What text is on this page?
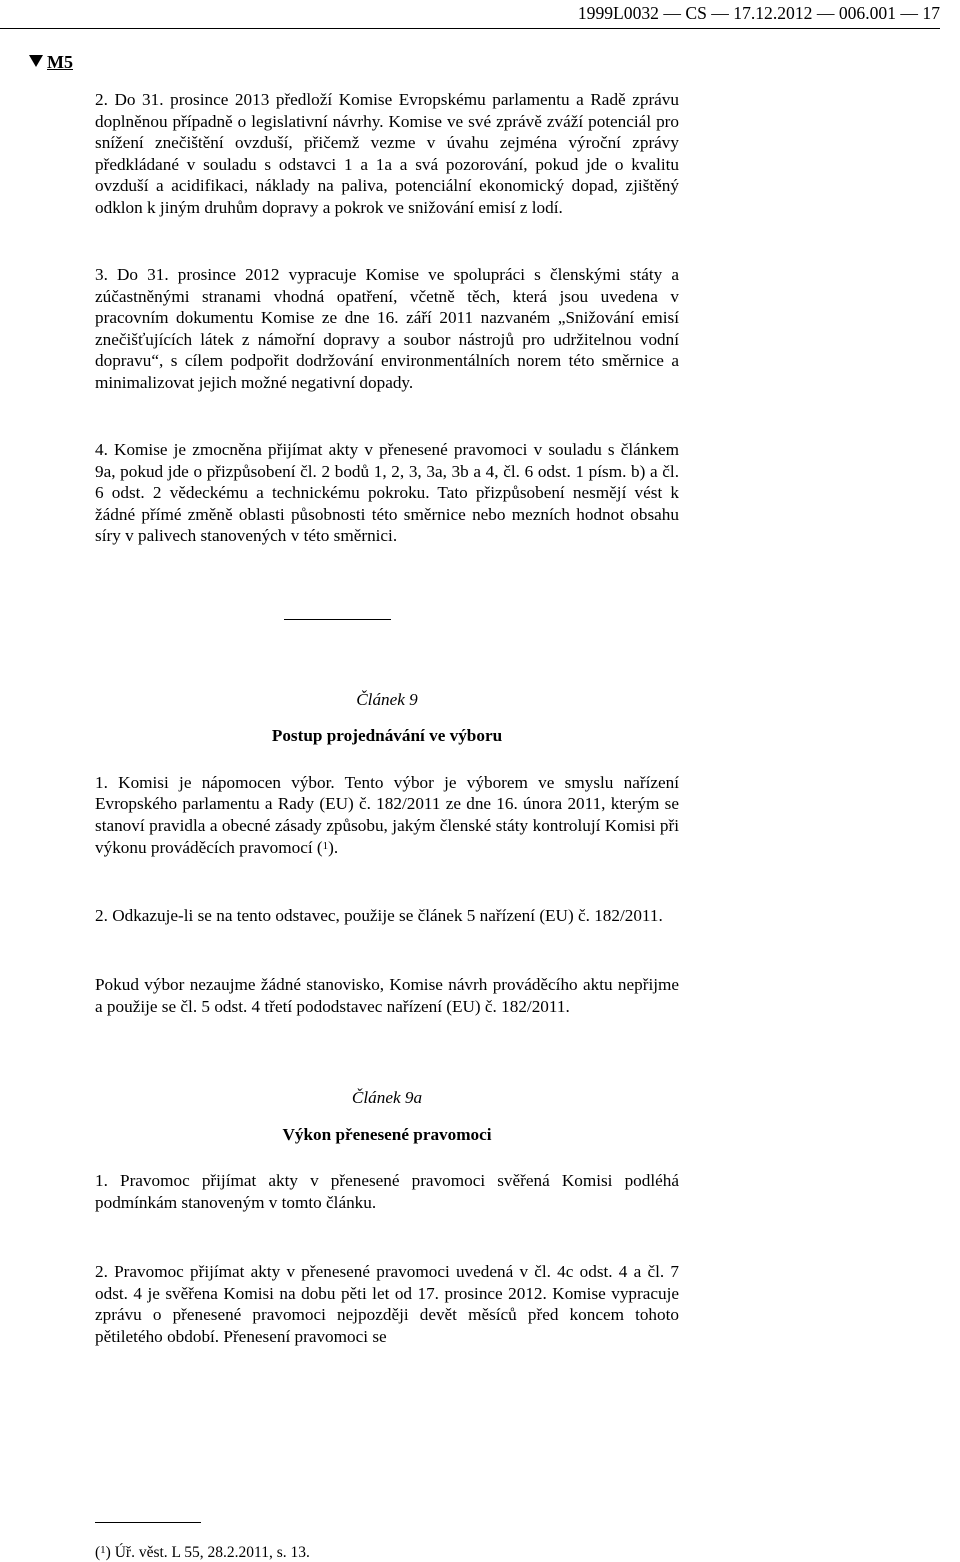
1999L0032 — CS — 17.12.2012 — 006.001 — 17
M5

2. Do 31. prosince 2013 předloží Komise Evropskému parlamentu a Radě zprávu doplněnou případně o legislativní návrhy. Komise ve své zprávě zváží potenciál pro snížení znečištění ovzduší, přičemž vezme v úvahu zejména výroční zprávy předkládané v souladu s odstavci 1 a 1a a svá pozorování, pokud jde o kvalitu ovzduší a acidifikaci, náklady na paliva, potenciální ekonomický dopad, zjištěný odklon k jiným druhům dopravy a pokrok ve snižování emisí z lodí.

3. Do 31. prosince 2012 vypracuje Komise ve spolupráci s členskými státy a zúčastněnými stranami vhodná opatření, včetně těch, která jsou uvedena v pracovním dokumentu Komise ze dne 16. září 2011 nazvaném „Snižování emisí znečišťujících látek z námořní dopravy a soubor nástrojů pro udržitelnou vodní dopravu“, s cílem podpořit dodržování environmentálních norem této směrnice a minimalizovat jejich možné negativní dopady.

4. Komise je zmocněna přijímat akty v přenesené pravomoci v souladu s článkem 9a, pokud jde o přizpůsobení čl. 2 bodů 1, 2, 3, 3a, 3b a 4, čl. 6 odst. 1 písm. b) a čl. 6 odst. 2 vědeckému a technickému pokroku. Tato přizpůsobení nesmějí vést k žádné přímé změně oblasti působnosti této směrnice nebo mezních hodnot obsahu síry v palivech stanovených v této směrnici.

Článek 9
Postup projednávání ve výboru

1. Komisi je nápomocen výbor. Tento výbor je výborem ve smyslu nařízení Evropského parlamentu a Rady (EU) č. 182/2011 ze dne 16. února 2011, kterým se stanoví pravidla a obecné zásady způsobu, jakým členské státy kontrolují Komisi při výkonu prováděcích pravomocí ($^1$).

2. Odkazuje-li se na tento odstavec, použije se článek 5 nařízení (EU) č. 182/2011.

Pokud výbor nezaujme žádné stanovisko, Komise návrh prováděcího aktu nepřijme a použije se čl. 5 odst. 4 třetí pododstavec nařízení (EU) č. 182/2011.

Článek 9a
Výkon přenesené pravomoci

1. Pravomoc přijímat akty v přenesené pravomoci svěřená Komisi podléhá podmínkám stanoveným v tomto článku.

2. Pravomoc přijímat akty v přenesené pravomoci uvedená v čl. 4c odst. 4 a čl. 7 odst. 4 je svěřena Komisi na dobu pěti let od 17. prosince 2012. Komise vypracuje zprávu o přenesené pravomoci nejpozději devět měsíců před koncem tohoto pětiletého období. Přenesení pravomoci se

($^1$) Úř. věst. L 55, 28.2.2011, s. 13.
